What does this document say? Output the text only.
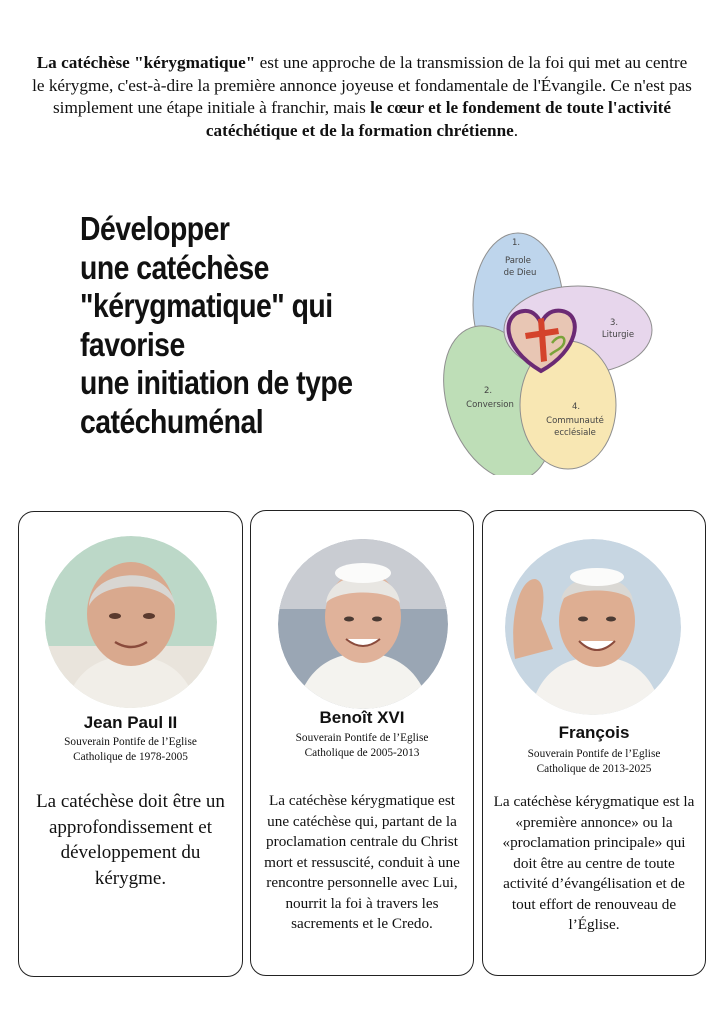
La catéchèse "kérygmatique" est une approche de la transmission de la foi qui met au centre le kérygme, c'est-à-dire la première annonce joyeuse et fondamentale de l'Évangile. Ce n'est pas simplement une étape initiale à franchir, mais le cœur et le fondement de toute l'activité catéchétique et de la formation chrétienne.

Développer
une catéchèse
"kérygmatique" qui
favorise
une initiation de type
catéchuménal
1.
Parole
de Dieu
2.
Conversion
3.
Liturgie
4.
Communauté
ecclésiale
Jean Paul II
Souverain Pontife de l’Eglise
Catholique de 1978-2005
La catéchèse doit être un approfondissement et développement du kérygme.
Benoît XVI
Souverain Pontife de l’Eglise
Catholique de 2005-2013
La catéchèse kérygmatique est une catéchèse qui, partant de la proclamation centrale du Christ mort et ressuscité, conduit à une rencontre personnelle avec Lui, nourrit la foi à travers les sacrements et le Credo.
François
Souverain Pontife de l’Eglise
Catholique de 2013-2025
La catéchèse kérygmatique est la «première annonce» ou la «proclamation principale» qui doit être au centre de toute activité d’évangélisation et de tout effort de renouveau de l’Église.
